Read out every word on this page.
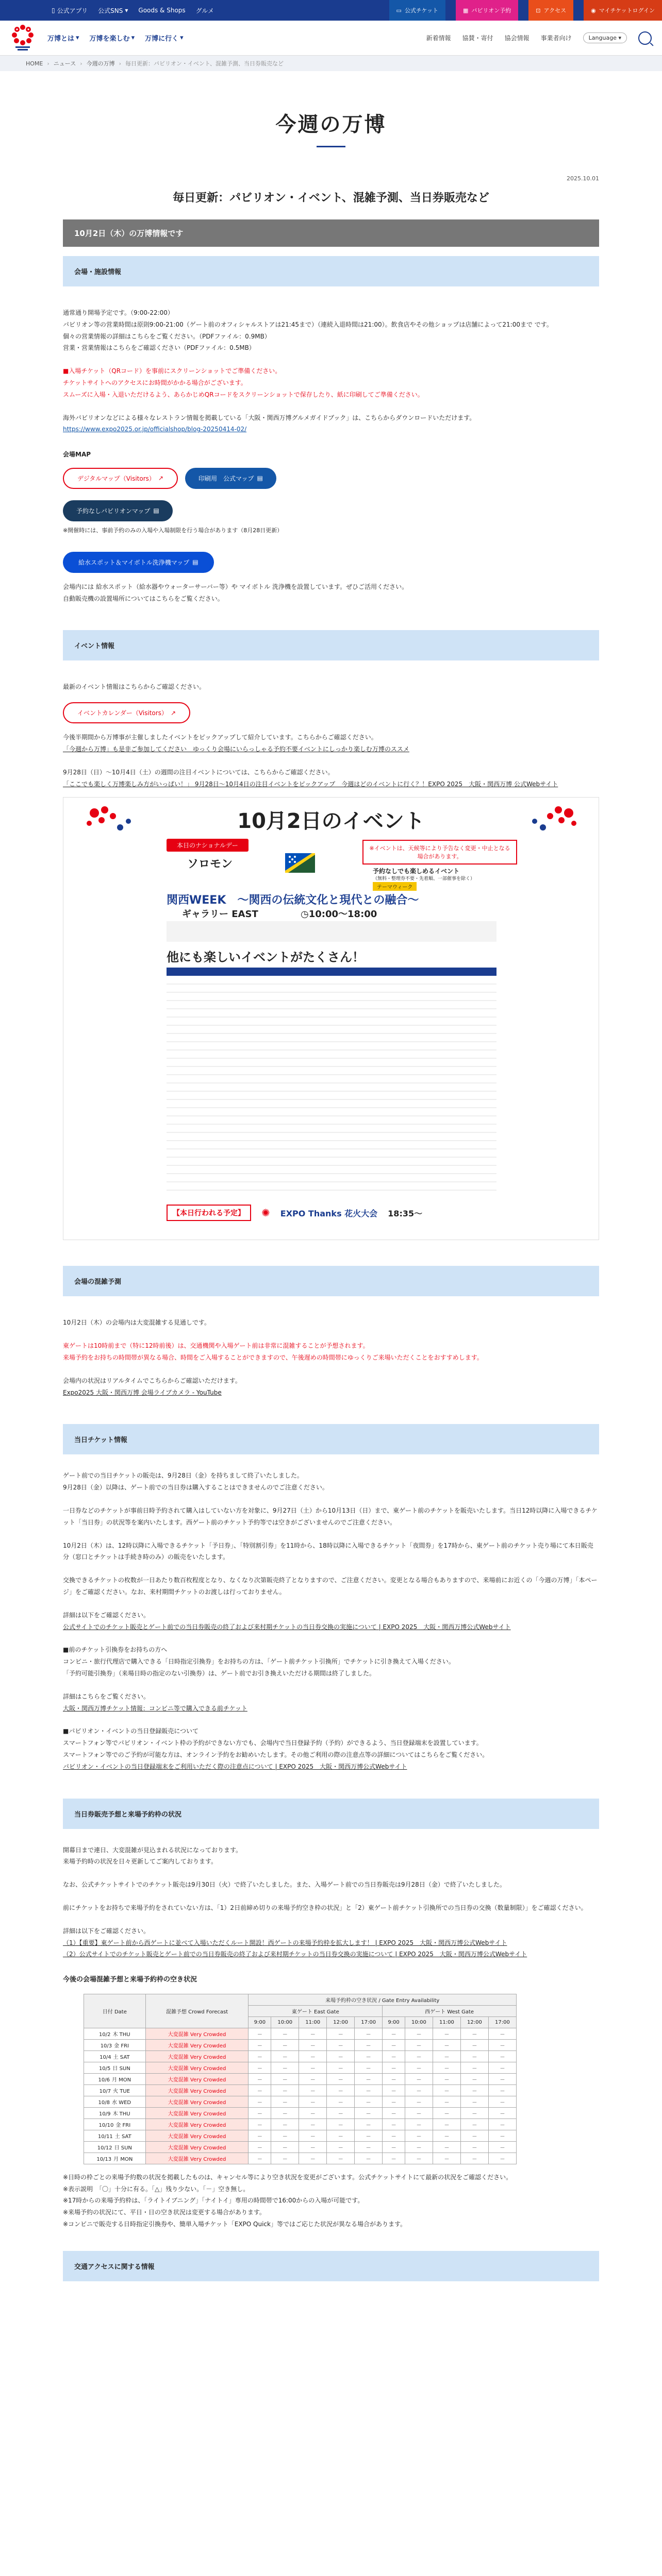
▯ 公式アプリ 公式SNS ▾ Goods & Shops グルメ	▭ 公式チケット	▦ パビリオン予約	⊡ アクセス	◉ マイチケットログイン
万博とは ▾ 万博を楽しむ ▾ 万博に行く ▾	新着情報 協賛・寄付 協会情報 事業者向け	Language ▾
HOME › ニュース › 今週の万博 › 毎日更新：パビリオン・イベント、混雑予測、当日券販売など
今週の万博
2025.10.01
毎日更新：パビリオン・イベント、混雑予測、当日券販売など
10月2日（木）の万博情報です
会場・施設情報

通常通り開場予定です。（9:00-22:00）

パビリオン等の営業時間は原則9:00-21:00（ゲート前のオフィシャルストアは21:45まで）（連続入退時間は21:00）。飲食店やその他ショップは店舗によって21:00まで です。

個々の営業情報の詳細はこちらをご覧ください。（PDFファイル：0.9MB）

営業・営業情報はこちらをご確認ください（PDFファイル：0.5MB）

■入場チケット（QRコード）を事前にスクリーンショットでご準備ください。

チケットサイトへのアクセスにお時間がかかる場合がございます。

スムーズに入場・入退いただけるよう、あらかじめQRコードをスクリーンショットで保存したり、紙に印刷してご準備ください。

海外パビリオンなどによる様々なレストラン情報を掲載している「大阪・関西万博グルメガイドブック」は、こちらからダウンロードいただけます。

https://www.expo2025.or.jp/officialshop/blog-20250414-02/

会場MAP

デジタルマップ（Visitors） ↗	印刷用　公式マップ ▤
予約なしパビリオンマップ ▤

※開催時には、事前予約のみの入場や入場制限を行う場合があります（8月28日更新）

給水スポット＆マイボトル洗浄機マップ ▤

会場内には 給水スポット（給水器やウォーターサーバー等）や マイボトル 洗浄機を設置しています。ぜひご活用ください。

自動販売機の設置場所についてはこちらをご覧ください。

イベント情報

最新のイベント情報はこちらからご確認ください。

イベントカレンダー（Visitors） ↗

今後半期間から万博事が主催しましたイベントをピックアップして紹介しています。こちらからご確認ください。

「今週から万博」も是非ご参加してください　ゆっくり会場にいらっしゃる予約不要イベントにしっかり楽しむ万博のススメ

9月28日（日）～10月4日（土）の週間の注目イベントについては、こちらからご確認ください。

「ここでも楽しく万博楽しみ方がいっぱい！」 9月28日～10月4日の注目イベントをピックアップ　今週はどのイベントに行く？！EXPO 2025　大阪・関西万博 公式Webサイト

10月2日のイベント
本日のナショナルデー
ソロモン
※イベントは、天候等により予告なく変更・中止となる場合があります。
予約なしでも楽しめるイベント
（無料・整理券不要・先着順、一部催事を除く）
テーマウィーク
関西WEEK　〜関西の伝統文化と現代との融合〜
ギャラリー EAST	◷10:00～18:00
他にも楽しいイベントがたくさん！
【本日行われる予定】	✺ EXPO Thanks 花火大会 18:35〜
会場の混雑予測

10月2日（木）の会場内は大変混雑する見通しです。

東ゲートは10時前まで（特に12時前後）は、交通機関や入場ゲート前は非常に混雑することが予想されます。

来場予約をお持ちの時間帯が異なる場合、時間をご入場することができますので、午後遅めの時間帯にゆっくりご来場いただくことをおすすめします。

会場内の状況はリアルタイムでこちらからご確認いただけます。

Expo2025 大阪・関西万博 会場ライブカメラ - YouTube

当日チケット情報

ゲート前での当日チケットの販売は、9月28日（金）を持ちまして終了いたしました。

9月28日（金）以降は、ゲート前での当日券は購入することはできませんのでご注意ください。

一日券などのチケットが事前日時予約されて購入はしていない方を対象に、9月27日（土）から10月13日（日）まで、東ゲート前のチケットを販売いたします。当日12時以降に入場できるチケット「当日券」の状況等を案内いたします。西ゲート前のチケット予約等では空きがございませんのでご注意ください。

10月2日（木）は、12時以降に入場できるチケット「予日券」、「特別割引券」を11時から、18時以降に入場できるチケット「夜間券」を17時から、東ゲート前のチケット売り場にて本日販売分（窓口とチケットは手続き時のみ）の販売をいたします。

交換できるチケットの枚数が一日あたり数百枚程度となり、なくなり次第販売終了となりますので、ご注意ください。変更となる場合もありますので、来場前にお近くの「今週の万博」「本ページ」をご確認ください。なお、来村期間チケットのお渡しは行っておりません。

詳細は以下をご確認ください。

公式サイトでのチケット販売とゲート前での当日券販売の終了および来村期チケットの当日券交換の実施について | EXPO 2025　大阪・関西万博公式Webサイト

■前のチケット引換券をお持ちの方へ

コンビニ・旅行代理店で購入できる「日時指定引換券」をお持ちの方は、「ゲート前チケット引換所」でチケットに引き換えて入場ください。

「予約可能引換券」（来場日時の指定のない引換券）は、ゲート前でお引き換えいただける期間は終了しました。

詳細はこちらをご覧ください。

大阪・関西万博チケット情報：コンビニ等で購入できる前チケット

■パビリオン・イベントの当日登録販売について

スマートフォン等でパビリオン・イベント枠の予約ができない方でも、会場内で当日登録予約（予約）ができるよう、当日登録端末を設置しています。

スマートフォン等でのご予約が可能な方は、オンライン予約をお勧めいたします。その他ご利用の際の注意点等の詳細についてはこちらをご覧ください。

パビリオン・イベントの当日登録端末をご利用いただく際の注意点について | EXPO 2025　大阪・関西万博公式Webサイト

当日券販売予想と来場予約枠の状況

開幕日まで連日、大変混雑が見込まれる状況になっております。

来場予約時の状況を日々更新してご案内しております。

なお、公式チケットサイトでのチケット販売は9月30日（火）で終了いたしました。また、入場ゲート前での当日券販売は9月28日（金）で終了いたしました。

前にチケットをお持ちで来場予約をされていない方は、「1）2日前締め切りの来場予約空き枠の状況」と「2）東ゲート前チケット引換所での当日券の交換（数量制限）」をご確認ください。

詳細は以下をご確認ください。

（1）【重要】東ゲート前から西ゲートに並べて入場いただくルート開設！西ゲートの来場予約枠を拡大します！ | EXPO 2025　大阪・関西万博公式Webサイト

（2）公式サイトでのチケット販売とゲート前での当日券販売の終了および来村期チケットの当日券交換の実施について | EXPO 2025　大阪・関西万博公式Webサイト

今後の会場混雑予想と来場予約枠の空き状況

日付 Date	混雑予想 Crowd Forecast	来場予約枠の空き状況 / Gate Entry Availability									
		東ゲート East Gate					西ゲート West Gate				
		9:00	10:00	11:00	12:00	17:00	9:00	10:00	11:00	12:00	17:00
10/2 木 THU	大変混雑 Very Crowded	－	－	－	－	－	－	－	－	－	－
10/3 金 FRI	大変混雑 Very Crowded	－	－	－	－	－	－	－	－	－	－
10/4 土 SAT	大変混雑 Very Crowded	－	－	－	－	－	－	－	－	－	－
10/5 日 SUN	大変混雑 Very Crowded	－	－	－	－	－	－	－	－	－	－
10/6 月 MON	大変混雑 Very Crowded	－	－	－	－	－	－	－	－	－	－
10/7 火 TUE	大変混雑 Very Crowded	－	－	－	－	－	－	－	－	－	－
10/8 水 WED	大変混雑 Very Crowded	－	－	－	－	－	－	－	－	－	－
10/9 木 THU	大変混雑 Very Crowded	－	－	－	－	－	－	－	－	－	－
10/10 金 FRI	大変混雑 Very Crowded	－	－	－	－	－	－	－	－	－	－
10/11 土 SAT	大変混雑 Very Crowded	－	－	－	－	－	－	－	－	－	－
10/12 日 SUN	大変混雑 Very Crowded	－	－	－	－	－	－	－	－	－	－
10/13 月 MON	大変混雑 Very Crowded	－	－	－	－	－	－	－	－	－	－

※日時の枠ごとの来場予約数の状況を掲載したものは、キャンセル等により空き状況を変更がございます。公式チケットサイトにて最新の状況をご確認ください。

※表示説明　「〇」十分に有る。「△」残り少ない。「－」空き無し。

※17時からの来場予約枠は、「ライトイブニング」「ナイトイ」専用の時間帯で16:00からの入場が可能です。

※来場予約の状況にて、平日・日の空き状況は変更する場合があります。

※コンビニで販売する日時指定引換券や、簡単入場チケット「EXPO Quick」等ではご応じた状況が異なる場合があります。

交通アクセスに関する情報
